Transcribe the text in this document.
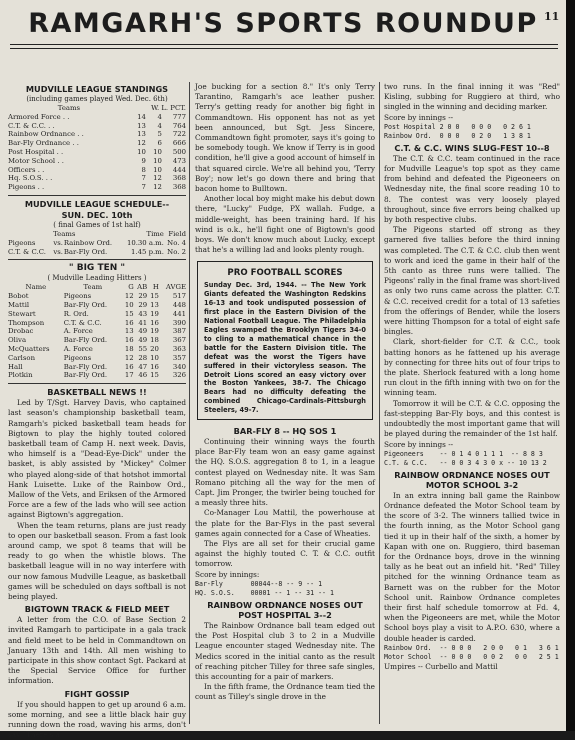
11
RAMGARH'S SPORTS ROUNDUP
MUDVILLE LEAGUE STANDINGS
(including games played Wed. Dec. 6th)
Teams	W. L. PCT.		
Armored Force . .	14	4	777
C.T. & C.C. . .	13	4	764
Rainbow Ordnance . .	13	5	722
Bar-Fly Ordnance . .	12	6	666
Post Hospital . .	10	10	500
Motor School . .	9	10	473
Officers . .	8	10	444
Hq. S.O.S. . .	7	12	368
Pigeons . .	7	12	368
MUDVILLE LEAGUE SCHEDULE--
SUN. DEC. 10th
( final Games of 1st half)
Teams			Time	Field
Pigeons	vs.	Rainbow Ord.	10.30 a.m.	No. 4
C.T. & C.C.	vs.	Bar-Fly Ord.	1.45 p.m.	No. 2
" BIG TEN "
( Mudville Leading Hitters )
Name	Team	G	AB	H	AVGE
Bobot	Pigeons	12	29	15	517
Mattil	Bar-Fly Ord.	10	29	13	448
Stewart	R. Ord.	15	43	19	441
Thompson	C.T. & C.C.	16	41	16	390
Drobac	A. Force	13	49	19	387
Oliva	Bar-Fly Ord.	16	49	18	367
McQuatters	A. Force	18	55	20	363
Carlson	Pigeons	12	28	10	357
Hall	Bar-Fly Ord.	16	47	16	340
Plotkin	Bar-Fly Ord.	17	46	15	326
BASKETBALL NEWS !!

Led by T/Sgt. Harvey Davis, who captained last season's championship basketball team, Ramgarh's picked basketball team heads for Bigtown to play the highly touted colored basketball team of Camp H. next week. Davis, who himself is a "Dead-Eye-Dick" under the basket, is ably assisted by "Mickey" Colmer who played along-side of that hotshot immortal Hank Luisette. Luke of the Rainbow Ord., Mallow of the Vets, and Eriksen of the Armored Force are a few of the lads who will see action against Bigtown's aggregation.

When the team returns, plans are just ready to open our basketball season. From a fast look around camp, we spot 8 teams that will be ready to go when the whistle blows. The basketball league will in no way interfere with our now famous Mudville League, as basketball games will be scheduled on days softball is not being played.

BIGTOWN TRACK & FIELD MEET

A letter from the C.O. of Base Section 2 invited Ramgarh to participate in a gala track and field meet to be held in Commandtown on January 13th and 14th. All men wishing to participate in this show contact Sgt. Packard at the Special Service Office for further information.

FIGHT GOSSIP

If you should happen to get up around 6 a.m. some morning, and see a little black hair guy running down the road, waving his arms, don't say "There's a

Joe bucking for a section 8." It's only Terry Tarantino, Ramgarh's ace leather pusher. Terry's getting ready for another big fight in Commandtown. His opponent has not as yet been announced, but Sgt. Jess Sincere, Commandtown fight promoter, says it's going to be somebody tough. We know if Terry is in good condition, he'll give a good account of himself in that squared circle. We're all behind you, 'Terry Boy'; now let's go down there and bring that bacon home to Bulltown.

Another local boy might make his debut down there, "Lucky" Fudge, PX wallah. Fudge, a middle-weight, has been training hard. If his wind is o.k., he'll fight one of Bigtown's good boys. We don't know much about Lucky, except that he's a willing lad and looks plenty rough.

PRO FOOTBALL SCORES
Sunday Dec. 3rd, 1944. -- The New York Giants defeated the Washington Redskins 16-13 and took undisputed possession of first place in the Eastern Division of the National Football League. The Philadelphia Eagles swamped the Brooklyn Tigers 34-0 to cling to a mathematical chance in the battle for the Eastern Division title. The defeat was the worst the Tigers have suffered in their victoryless season. The Detroit Lions scored an easy victory over the Boston Yankees, 38-7. The Chicago Bears had no difficulty defeating the combined Chicago-Cardinals-Pittsburgh Steelers, 49-7.
BAR-FLY 8 -- HQ SOS 1

Continuing their winning ways the fourth place Bar-Fly team won an easy game against the HQ. S.O.S. aggregation 8 to 1, in a league contest played on Wednesday nite. It was Sam Romano pitching all the way for the men of Capt. Jim Pronger, the twirler being touched for a measly three hits.

Co-Manager Lou Mattil, the powerhouse at the plate for the Bar-Flys in the past several games again connected for a Case of Wheaties.

The Flys are all set for their crucial game against the highly touted C. T. & C.C. outfit tomorrow.

Score by innings:
Bar-Fly       00044--8 -- 9 -- 1
HQ. S.O.S.    00001 -- 1 -- 31 -- 1
RAINBOW ORDNANCE NOSES OUT POST HOSPITAL 3--2

The Rainbow Ordnance ball team edged out the Post Hospital club 3 to 2 in a Mudville League encounter staged Wednesday nite. The Medics scored in the initial canto as the result of reaching pitcher Tilley for three safe singles, this accounting for a pair of markers.

In the fifth frame, the Ordnance team tied the count as Tilley's single drove in the

two runs. In the final inning it was "Red" Kisling, subbing for Ruggiero at third, who singled in the winning and deciding marker.

Score by innings --
Post Hospital 2 0 0   0 0 0   0 2 6 1
Rainbow Ord.  0 0 0   0 2 0   1 3 8 1
C.T. & C.C. WINS SLUG-FEST 10--8

The C.T. & C.C. team continued in the race for Mudville League's top spot as they came from behind and defeated the Pigeoneers on Wednesday nite, the final score reading 10 to 8. The contest was very loosely played throughout, since five errors being chalked up by both respective clubs.

The Pigeons started off strong as they garnered five tallies before the third inning was completed. The C.T. & C.C. club then went to work and iced the game in their half of the 5th canto as three runs were tallied. The Pigeons' rally in the final frame was short-lived as only two runs came across the platter. C.T. & C.C. received credit for a total of 13 safeties from the offerings of Bender, while the losers were hitting Thompson for a total of eight safe bingles.

Clark, short-fielder for C.T. & C.C., took batting honors as he fattened up his average by connecting for three hits out of four trips to the plate. Sherlock featured with a long home run clout in the fifth inning with two on for the winning team.

Tomorrow it will be C.T. & C.C. opposing the fast-stepping Bar-Fly boys, and this contest is undoubtedly the most important game that will be played during the remainder of the 1st half.

Score by innings --
Pigeoneers    -- 0 1 4 0 1 1 1  -- 8 8 3
C.T. & C.C.   -- 0 0 3 4 3 0 x -- 10 13 2
RAINBOW ORDNANCE NOSES OUT MOTOR SCHOOL 3-2

In an extra inning ball game the Rainbow Ordnance defeated the Motor School team by the score of 3-2. The winners tallied twice in the fourth inning, as the Motor School gang tied it up in their half of the sixth, a homer by Kapan with one on. Ruggiero, third baseman for the Ordnance boys, drove in the winning tally as he beat out an infield hit. "Red" Tilley pitched for the winning Ordnance team as Barnett was on the rubber for the Motor School unit. Rainbow Ordnance completes their first half schedule tomorrow at Fd. 4, when the Pigeoneers are met, while the Motor School boys play a visit to A.P.O. 630, where a double header is carded.

Rainbow Ord.  -- 0 0 0   2 0 0   0 1   3 6 1
Motor School  -- 0 0 0   0 0 2   0 0   2 5 1
Umpires -- Curbello and Mattil
